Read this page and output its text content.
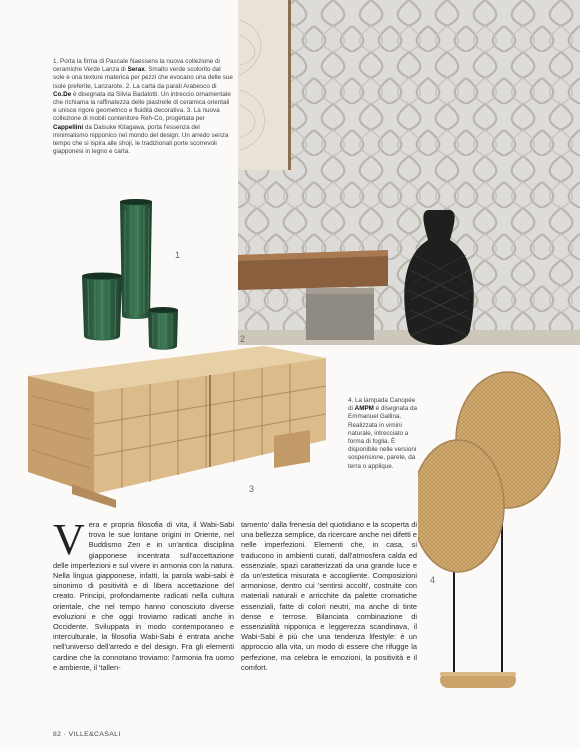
1. Porta la firma di Pascale Naessens la nuova collezione di ceramiche Verde Lanza di Serax. Smalto verde scolorito dal sole e una texture materica per pezzi che evocano una delle sue isole preferite, Lanzarote. 2. La carta da parati Arabesco di Co.De è disegnata da Silvia Badalotti. Un intreccio ornamentale che richiama la raffinatezza delle piastrelle di ceramica orientali e unisce rigore geometrico e fluidità decorativa. 3. La nuova collezione di mobili contenitore Reh-Co, progettata per Cappellini da Daisuke Kitagawa, porta l'essenza del minimalismo nipponico nel mondo del design. Un arredo senza tempo che si ispira alle shoji, le tradizionali porte scorrevoli giapponesi in legno e carta.
1
2
3
4. La lampada Canopée di AMPM è disegnata da Emmanuel Gallina. Realizzata in vimini naturale, intrecciato a forma di foglia. È disponibile nelle versioni sospensione, parete, da terra o applique.
4
Vera e propria filosofia di vita, il Wabi-Sabi trova le sue lontane origini in Oriente, nel Buddismo Zen e in un'antica disciplina giapponese incentrata sull'accettazione delle imperfezioni e sul vivere in armonia con la natura. Nella lingua giapponese, infatti, la parola wabi-sabi è sinonimo di positività e di libera accettazione del creato. Principi, profondamente radicati nella cultura orientale, che nel tempo hanno conosciuto diverse evoluzioni e che oggi troviamo radicati anche in Occidente. Sviluppata in modo contemporaneo e interculturale, la filosofia Wabi-Sabi è entrata anche nell'universo dell'arredo e del design. Fra gli elementi cardine che la connotano troviamo: l'armonia fra uomo e ambiente, il 'tallen-
tamento' dalla frenesia del quotidiano e la scoperta di una bellezza semplice, da ricercare anche nei difetti e nelle imperfezioni. Elementi che, in casa, si traducono in ambienti curati, dall'atmosfera calda ed essenziale, spazi caratterizzati da una grande luce e da un'estetica misurata e accogliente. Composizioni armoniose, dentro cui 'sentirsi accolti', costruite con materiali naturali e arricchite da palette cromatiche essenziali, fatte di colori neutri, ma anche di tinte dense e terrose. Bilanciata combinazione di essenzialità nipponica e leggerezza scandinava, il Wabi-Sabi è più che una tendenza lifestyle: è un approccio alla vita, un modo di essere che rifugge la perfezione, ma celebra le emozioni, la positività e il comfort.
82 · VILLE&CASALI
